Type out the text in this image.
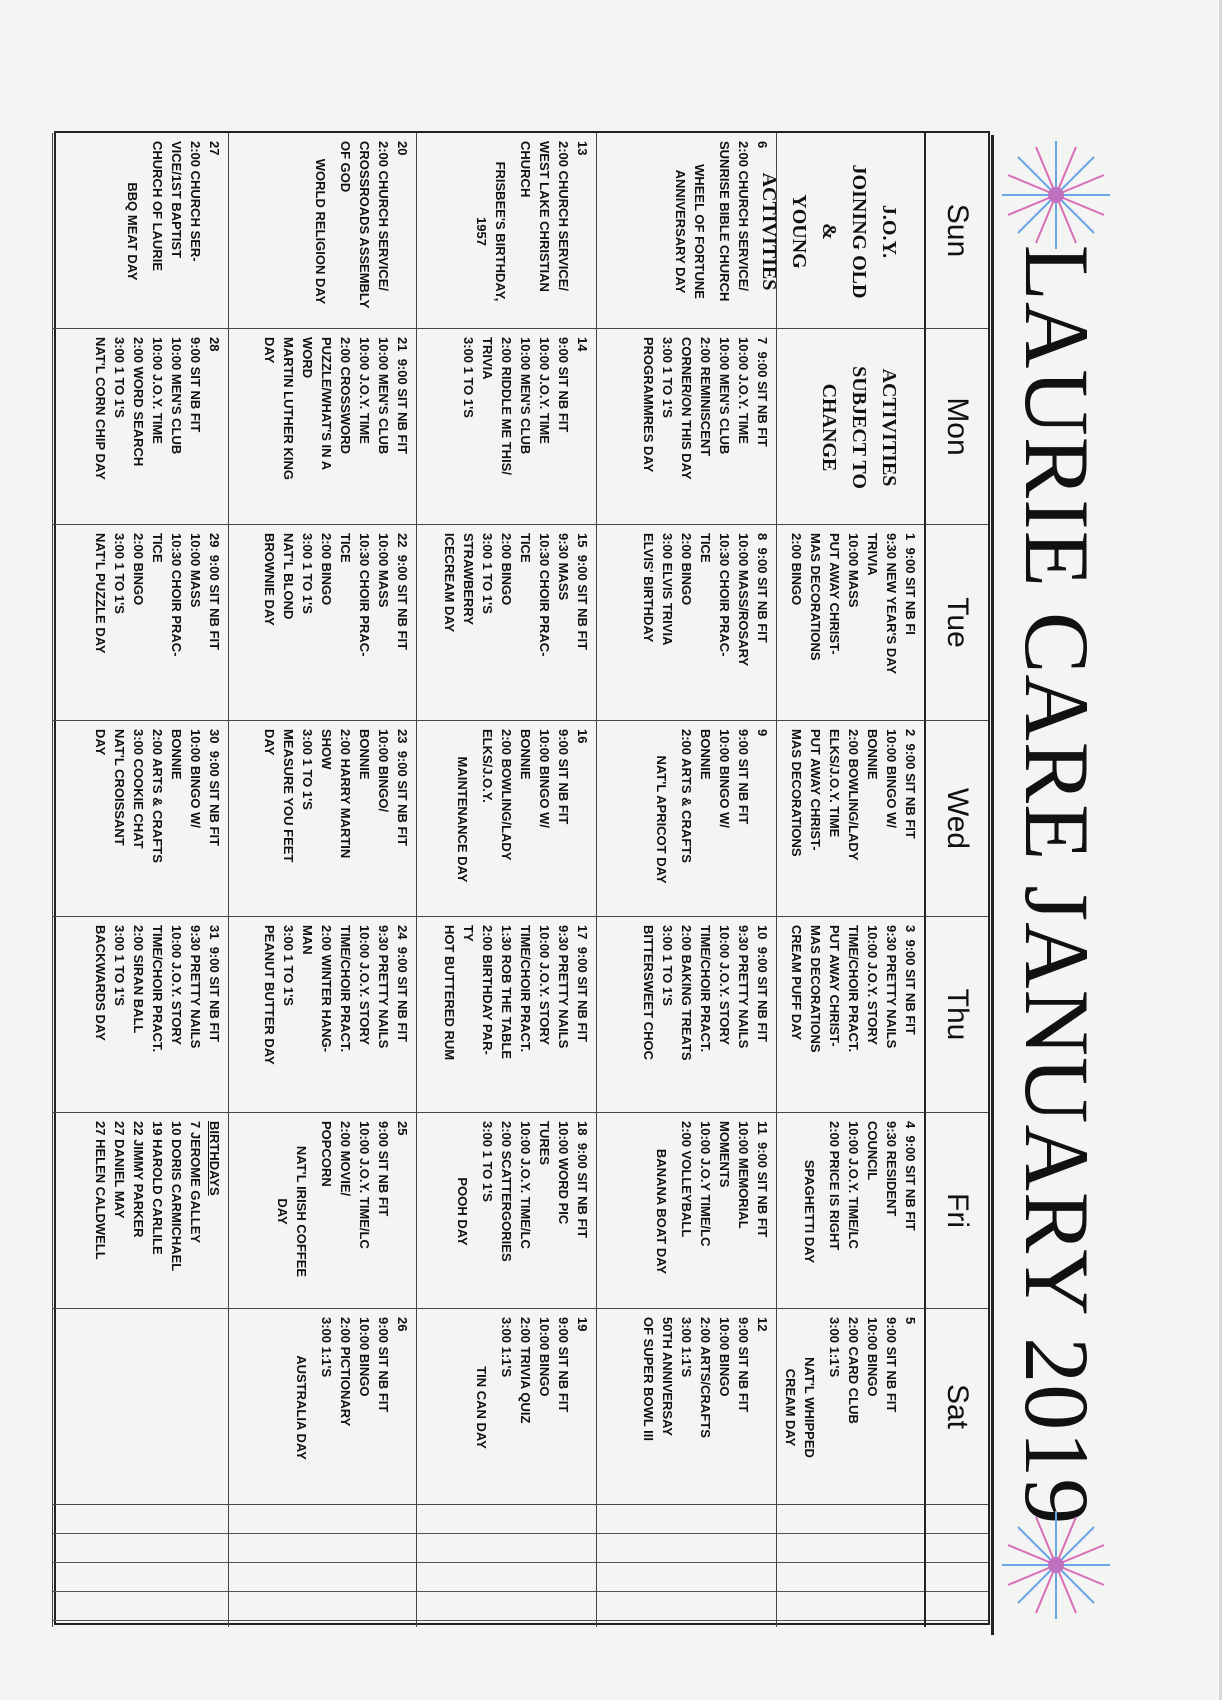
LAURIE CARE JANUARY 2019
Sun
Mon
Tue
Wed
Thu
Fri
Sat
J.O.Y.
JOINING OLD
&
YOUNG
ACTIVITIES
ACTIVITIES
SUBJECT TO
CHANGE
1  9:00 SIT NB FI
9:30 NEW YEAR'S DAY
TRIVIA
10:00 MASS
PUT AWAY CHRIST-
MAS DECORATIONS
2:00 BINGO
2  9:00 SIT NB FIT
10:00 BINGO W/
BONNIE
2:00 BOWLING/LADY
ELKS/J.O.Y. TIME
PUT AWAY CHRIST-
MAS DECORATIONS
3  9:00 SIT NB FIT
9:30 PRETTY NAILS
10:00 J.O.Y. STORY
TIME/CHOIR PRACT.
PUT AWAY CHRIST-
MAS DECORATIONS
CREAM PUFF DAY
4  9:00 SIT NB FIT
9:30 RESIDENT
COUNCIL
10:00 J.O.Y. TIME/LC
2:00 PRICE IS RIGHT
SPAGHETTI DAY
5
9:00 SIT NB FIT
10:00 BINGO
2:00 CARD CLUB
3:00 1:1'S
NAT'L WHIPPED
CREAM DAY
6
2:00 CHURCH SERVICE/
SUNRISE BIBLE CHURCH
WHEEL OF FORTUNE
ANNIVERSARY DAY
7  9:00 SIT NB FIT
10:00 J.O.Y. TIME
10:00 MEN'S CLUB
2:00 REMINISCENT
CORNER/ON THIS DAY
3:00 1 TO 1'S
PROGRAMMRES DAY
8  9:00 SIT NB FIT
10:00 MASS/ROSARY
10:30 CHOIR PRAC-
TICE
2:00 BINGO
3:00 ELVIS TRIVIA
ELVIS' BIRTHDAY
9
9:00 SIT NB FIT
10:00 BINGO W/
BONNIE
2:00 ARTS & CRAFTS
NAT'L APRICOT DAY
10  9:00 SIT NB FIT
9:30 PRETTY NAILS
10:00 J.O.Y. STORY
TIME/CHOIR PRACT.
2:00 BAKING TREATS
3:00 1 TO 1'S
BITTERSWEET CHOC
11  9:00 SIT NB FIT
10:00 MEMORIAL
MOMENTS
10:00 J.O.Y TIME/LC
2:00 VOLLEYBALL
BANANA BOAT DAY
12
9:00 SIT NB FIT
10:00 BINGO
2:00 ARTS/CRAFTS
3:00 1:1'S
50TH ANNIVERSAY
OF SUPER BOWL III
13
2:00 CHURCH SERVICE/
WEST LAKE CHRISTIAN
CHURCH
FRISBEE'S BIRTHDAY,
1957
14
9:00 SIT NB FIT
10:00 J.O.Y. TIME
10:00 MEN'S CLUB
2:00 RIDDLE ME THIS/
TRIVIA
3:00 1 TO 1'S
15  9:00 SIT NB FIT
9:30 MASS
10:30 CHOIR PRAC-
TICE
2:00 BINGO
3:00 1 TO 1'S
STRAWBERRY
ICECREAM DAY
16
9:00 SIT NB FIT
10:00 BINGO W/
BONNIE
2:00 BOWLING/LADY
ELKS/J.O.Y.
MAINTENANCE DAY
17  9:00 SIT NB FIT
9:30 PRETTY NAILS
10:00 J.O.Y. STORY
TIME/CHOIR PRACT.
1:30 ROB THE TABLE
2:00 BIRTHDAY PAR-
TY
HOT BUTTERED RUM
18  9:00 SIT NB FIT
10:00 WORD PIC
TURES
10:00 J.O.Y. TIME/LC
2:00 SCATTERGORIES
3:00 1 TO 1'S
POOH DAY
19
9:00 SIT NB FIT
10:00 BINGO
2:00 TRIVIA QUIZ
3:00 1:1'S
TIN CAN DAY
20
2:00 CHURCH SERVICE/
CROSSROADS ASSEMBLY
OF GOD
WORLD RELIGION DAY
21  9:00 SIT NB FIT
10:00 MEN'S CLUB
10:00 J.O.Y. TIME
2:00 CROSSWORD
PUZZLE/WHAT'S IN A
WORD
MARTIN LUTHER KING
DAY
22  9:00 SIT NB FIT
10:00 MASS
10:30 CHOIR PRAC-
TICE
2:00 BINGO
3:00 1 TO 1'S
NAT'L BLOND
BROWNIE DAY
23  9:00 SIT NB FIT
10:00 BINGO/
BONNIE
2:00 HARRY MARTIN
SHOW
3:00 1 TO 1'S
MEASURE YOU FEET
DAY
24  9:00 SIT NB FIT
9:30 PRETTY NAILS
10:00 J.O.Y. STORY
TIME/CHOIR PRACT.
2:00 WINTER HANG-
MAN
3:00 1 TO 1'S
PEANUT BUTTER DAY
25
9:00 SIT NB FIT
10:00 J.O.Y. TIME/LC
2:00 MOVIE/
POPCORN
NAT'L IRISH COFFEE
DAY
26
9:00 SIT NB FIT
10:00 BINGO
2:00 PICTIONARY
3:00 1:1'S
AUSTRALIA DAY
27
2:00 CHURCH SER-
VICE/1ST BAPTIST
CHURCH OF LAURIE
BBQ MEAT DAY
28
9:00 SIT NB FIT
10:00 MEN'S CLUB
10:00 J.O.Y. TIME
2:00 WORD SEARCH
3:00 1 TO 1'S
NAT'L CORN CHIP DAY
29  9:00 SIT NB FIT
10:00 MASS
10:30 CHOIR PRAC-
TICE
2:00 BINGO
3:00 1 TO 1'S
NAT'L PUZZLE DAY
30  9:00 SIT NB FIT
10:00 BINGO W/
BONNIE
2:00 ARTS & CRAFTS
3:00 COOKIE CHAT
NAT'L CROISSANT
DAY
31  9:00 SIT NB FIT
9:30 PRETTY NAILS
10:00 J.O.Y. STORY
TIME/CHOIR PRACT.
2:00 SIRAN BALL
3:00 1 TO 1'S
BACKWARDS DAY
BIRTHDAYS
7 JEROME GALLEY
10 DORIS CARMICHAEL
19 HAROLD CARLILE
22 JIMMY PARKER
27 DANIEL MAY
27 HELEN CALDWELL
